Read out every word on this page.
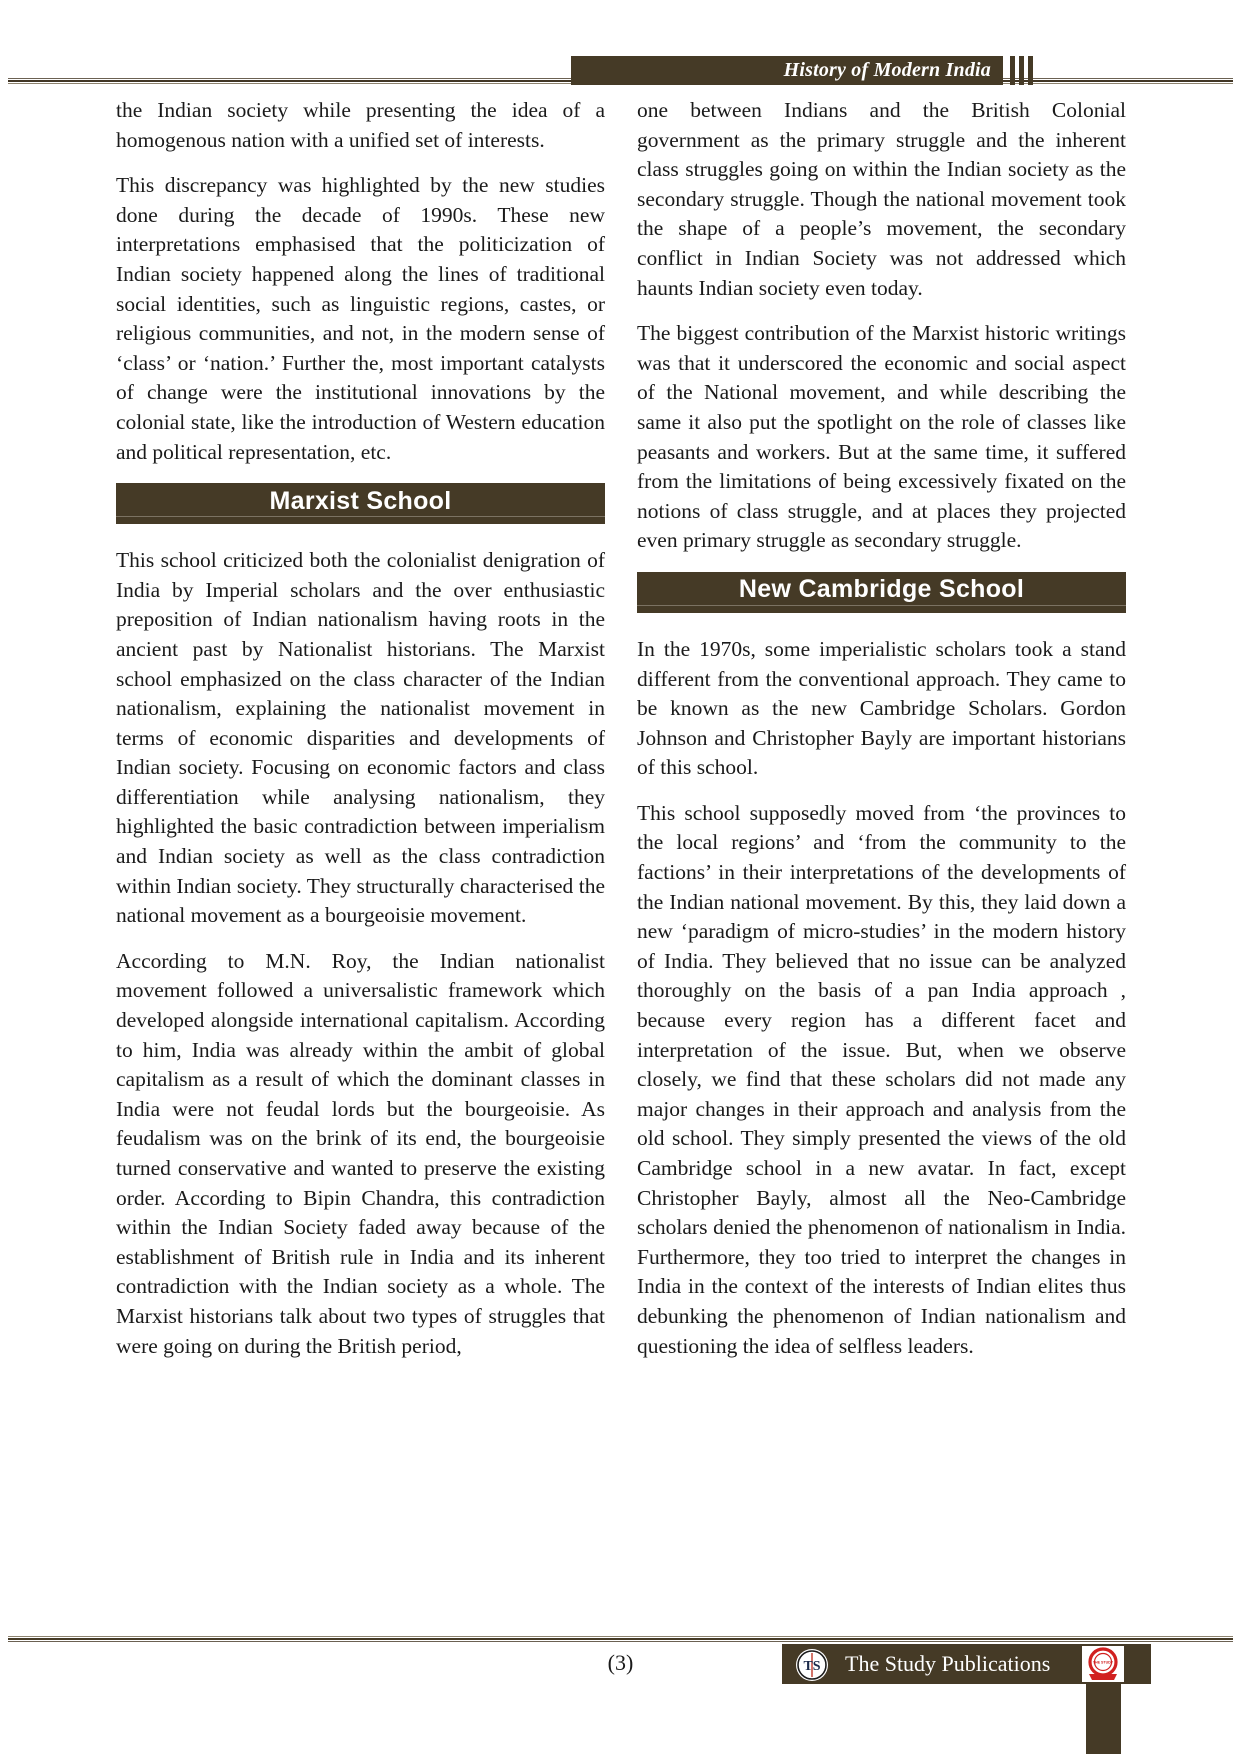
History of Modern India

the Indian society while presenting the idea of a homogenous nation with a unified set of interests.

This discrepancy was highlighted by the new studies done during the decade of 1990s. These new interpretations emphasised that the politicization of Indian society happened along the lines of traditional social identities, such as linguistic regions, castes, or religious communities, and not, in the modern sense of ‘class’ or ‘nation.’ Further the, most important catalysts of change were the institutional innovations by the colonial state, like the introduction of Western education and political representation, etc.

Marxist School

This school criticized both the colonialist denigration of India by Imperial scholars and the over enthusiastic preposition of Indian nationalism having roots in the ancient past by Nationalist historians. The Marxist school emphasized on the class character of the Indian nationalism, explaining the nationalist movement in terms of economic disparities and developments of Indian society. Focusing on economic factors and class differentiation while analysing nationalism, they highlighted the basic contradiction between imperialism and Indian society as well as the class contradiction within Indian society. They structurally characterised the national movement as a bourgeoisie movement.

According to M.N. Roy, the Indian nationalist movement followed a universalistic framework which developed alongside international capitalism. According to him, India was already within the ambit of global capitalism as a result of which the dominant classes in India were not feudal lords but the bourgeoisie. As feudalism was on the brink of its end, the bourgeoisie turned conservative and wanted to preserve the existing order. According to Bipin Chandra, this contradiction within the Indian Society faded away because of the establishment of British rule in India and its inherent contradiction with the Indian society as a whole. The Marxist historians talk about two types of struggles that were going on during the British period,

one between Indians and the British Colonial government as the primary struggle and the inherent class struggles going on within the Indian society as the secondary struggle. Though the national movement took the shape of a people’s movement, the secondary conflict in Indian Society was not addressed which haunts Indian society even today.

The biggest contribution of the Marxist historic writings was that it underscored the economic and social aspect of the National movement, and while describing the same it also put the spotlight on the role of classes like peasants and workers. But at the same time, it suffered from the limitations of being excessively fixated on the notions of class struggle, and at places they projected even primary struggle as secondary struggle.

New Cambridge School

In the 1970s, some imperialistic scholars took a stand different from the conventional approach. They came to be known as the new Cambridge Scholars. Gordon Johnson and Christopher Bayly are important historians of this school.

This school supposedly moved from ‘the provinces to the local regions’ and ‘from the community to the factions’ in their interpretations of the developments of the Indian national movement. By this, they laid down a new ‘paradigm of micro-studies’ in the modern history of India. They believed that no issue can be analyzed thoroughly on the basis of a pan India approach , because every region has a different facet and interpretation of the issue. But, when we observe closely, we find that these scholars did not made any major changes in their approach and analysis from the old school. They simply presented the views of the old Cambridge school in a new avatar. In fact, except Christopher Bayly, almost all the Neo-Cambridge scholars denied the phenomenon of nationalism in India. Furthermore, they too tried to interpret the changes in India in the context of the interests of Indian elites thus debunking the phenomenon of Indian nationalism and questioning the idea of selfless leaders.

(3)	TS The Study Publications	THE STUDY
